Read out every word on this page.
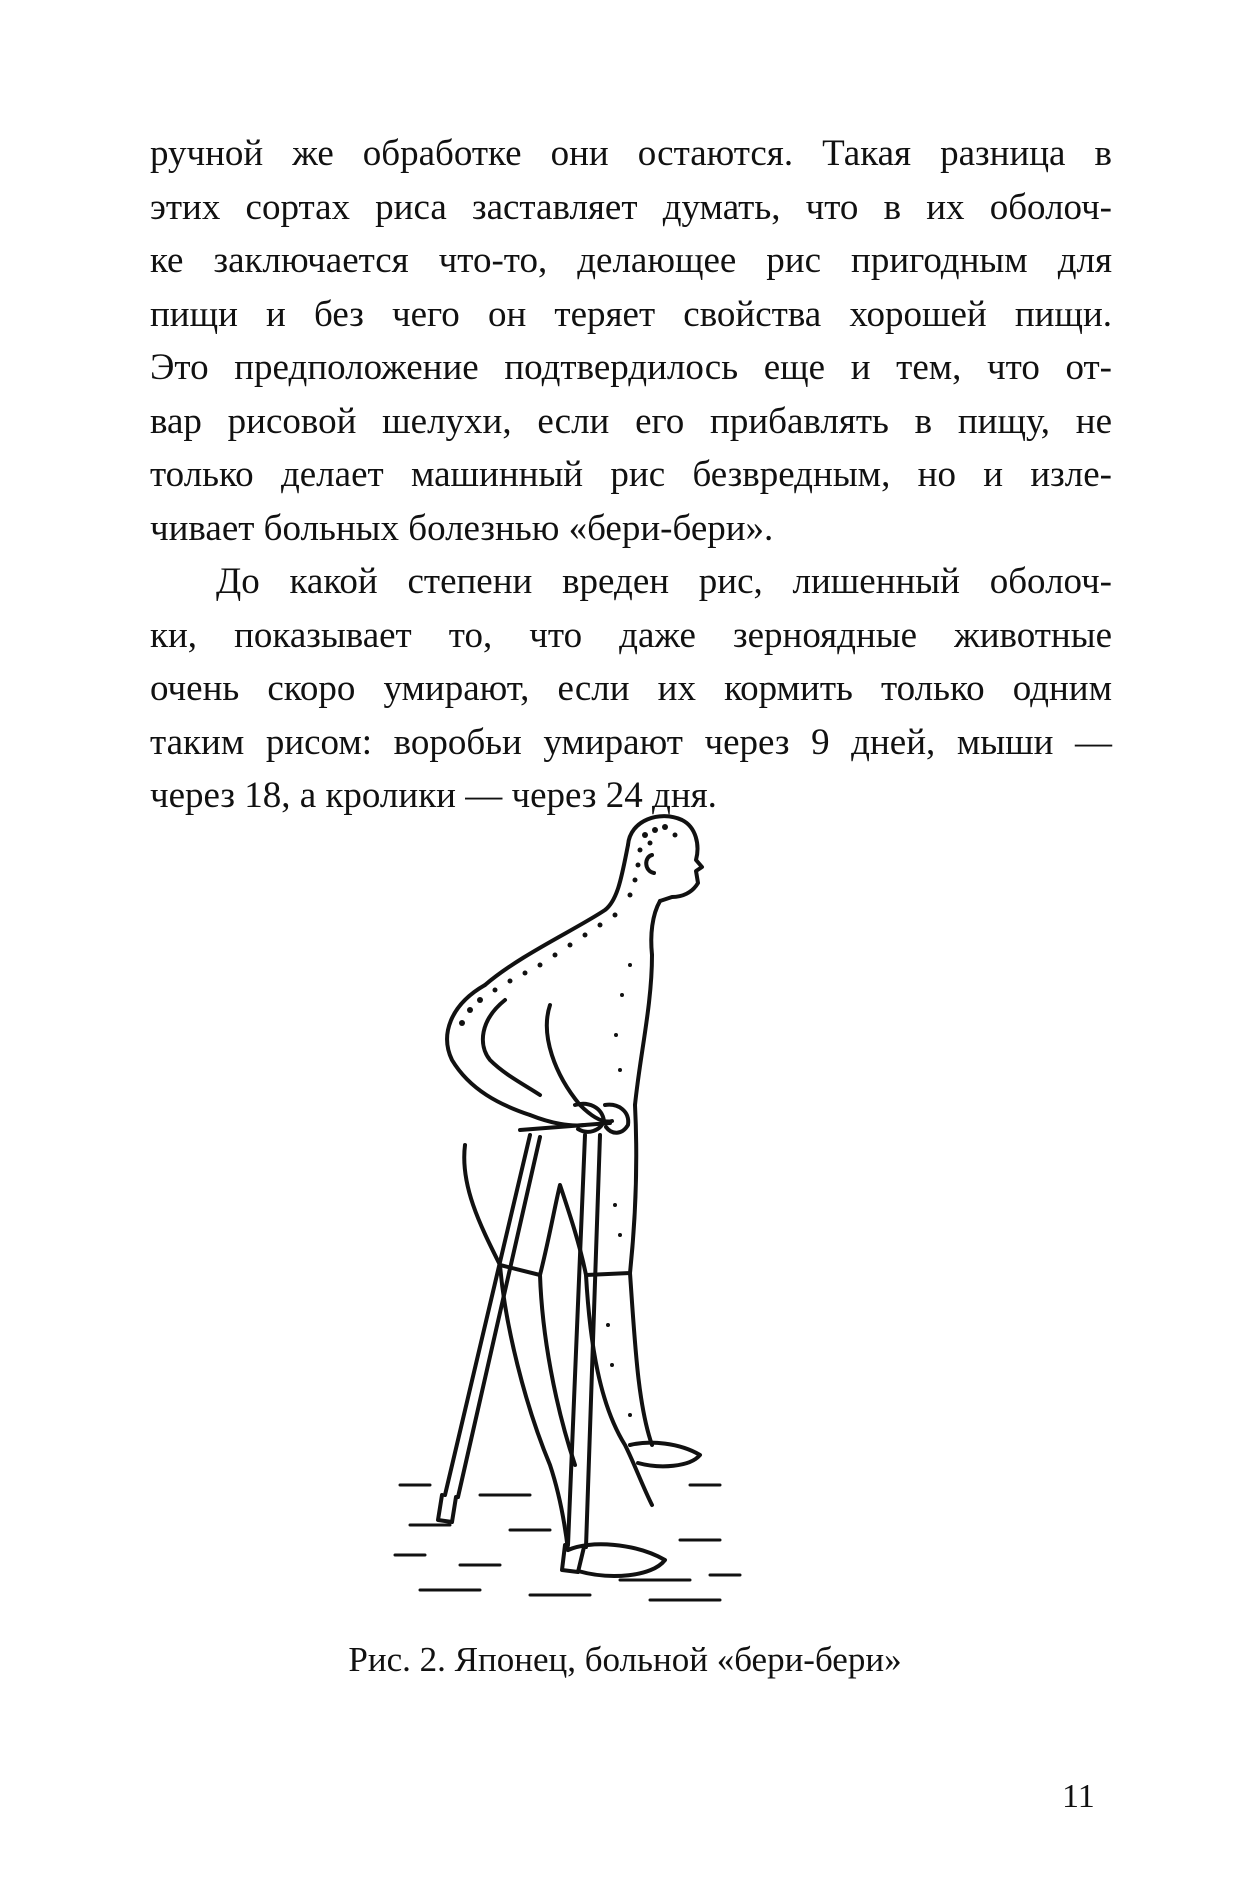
ручной же обработке они остаются. Такая разница в
этих сортах риса заставляет думать, что в их оболоч-
ке заключается что-то, делающее рис пригодным для
пищи и без чего он теряет свойства хорошей пищи.
Это предположение подтвердилось еще и тем, что от-
вар рисовой шелухи, если его прибавлять в пищу, не
только делает машинный рис безвредным, но и изле-
чивает больных болезнью «бери-бери».

До какой степени вреден рис, лишенный оболоч-
ки, показывает то, что даже зерноядные животные
очень скоро умирают, если их кормить только одним
таким рисом: воробьи умирают через 9 дней, мыши —
через 18, а кролики — через 24 дня.

Рис. 2. Японец, больной «бери-бери»
11
